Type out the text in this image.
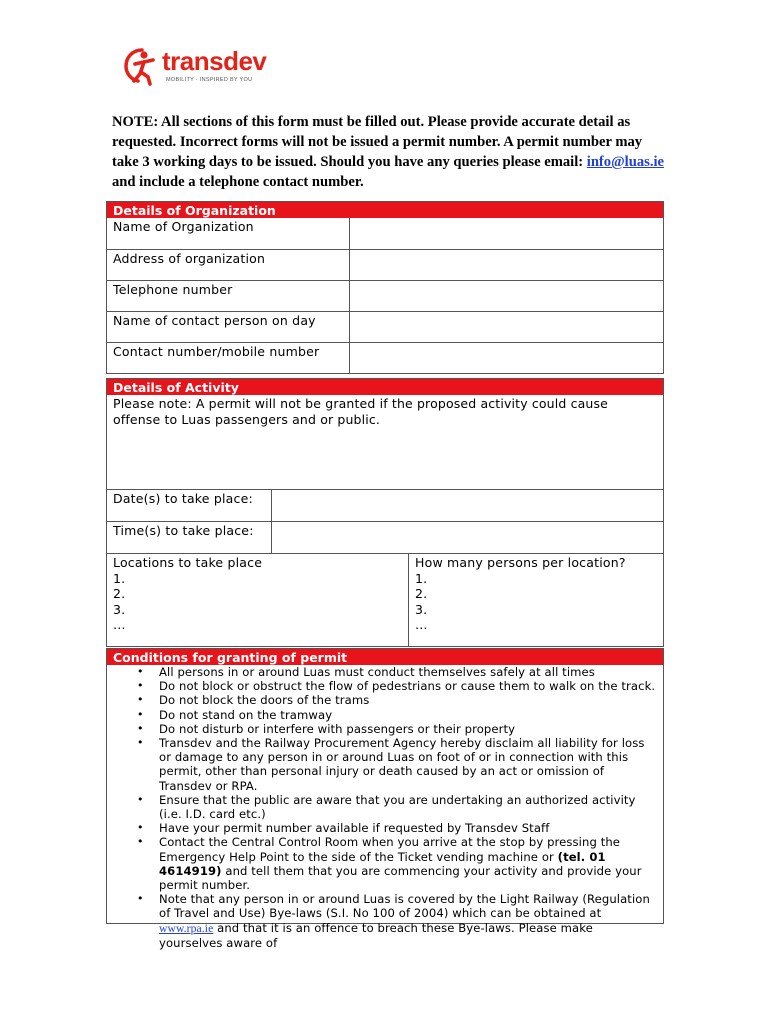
transdev
MOBILITY · INSPIRED BY YOU
NOTE: All sections of this form must be filled out. Please provide accurate detail as requested. Incorrect forms will not be issued a permit number. A permit number may take 3 working days to be issued. Should you have any queries please email: info@luas.ie and include a telephone contact number.
Details of Organization
Name of Organization
Address of organization
Telephone number
Name of contact person on day
Contact number/mobile number
Details of Activity
Please note: A permit will not be granted if the proposed activity could cause offense to Luas passengers and or public.
Date(s) to take place:
Time(s) to take place:
Locations to take place
1.
2.
3.
…
How many persons per location?
1.
2.
3.
…
Conditions for granting of permit
• All persons in or around Luas must conduct themselves safely at all times
• Do not block or obstruct the flow of pedestrians or cause them to walk on the track.
• Do not block the doors of the trams
• Do not stand on the tramway
• Do not disturb or interfere with passengers or their property
• Transdev and the Railway Procurement Agency hereby disclaim all liability for loss or damage to any person in or around Luas on foot of or in connection with this permit, other than personal injury or death caused by an act or omission of Transdev or RPA.
• Ensure that the public are aware that you are undertaking an authorized activity (i.e. I.D. card etc.)
• Have your permit number available if requested by Transdev Staff
• Contact the Central Control Room when you arrive at the stop by pressing the Emergency Help Point to the side of the Ticket vending machine or (tel. 01 4614919) and tell them that you are commencing your activity and provide your permit number.
• Note that any person in or around Luas is covered by the Light Railway (Regulation of Travel and Use) Bye-laws (S.I. No 100 of 2004) which can be obtained at www.rpa.ie and that it is an offence to breach these Bye-laws. Please make yourselves aware of
